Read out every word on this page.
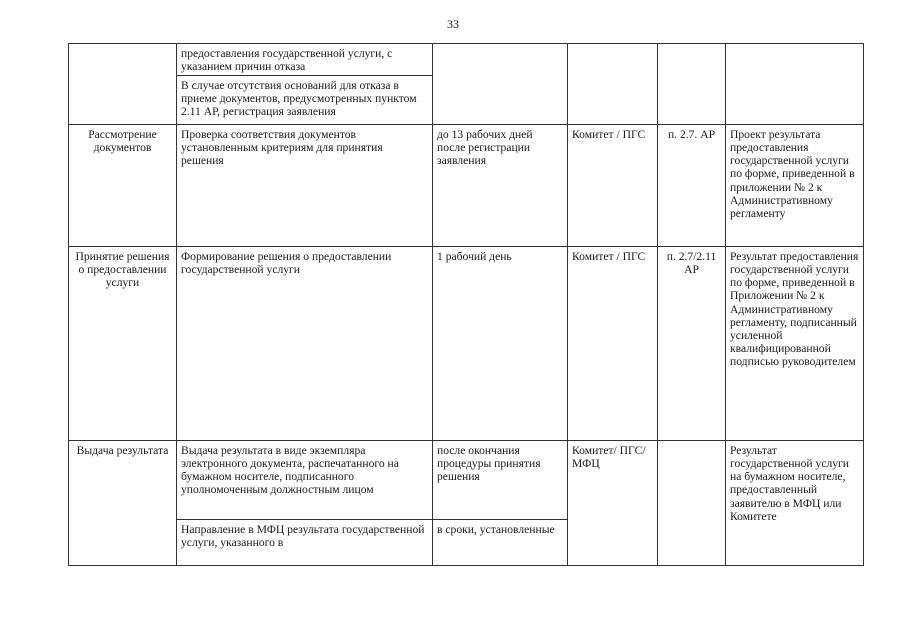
33
	предоставления государственной услуги, с указанием причин отказа				
	В случае отсутствия оснований для отказа в приеме документов, предусмотренных пунктом 2.11 АР, регистрация заявления				
Рассмотрение документов	Проверка соответствия документов установленным критериям для принятия решения	до 13 рабочих дней после регистрации заявления	Комитет / ПГС	п. 2.7. АР	Проект результата предоставления государственной услуги по форме, приведенной в приложении № 2 к Административному регламенту
Принятие решения о предоставлении услуги	Формирование решения о предоставлении государственной услуги	1 рабочий день	Комитет / ПГС	п. 2.7/2.11 АР	Результат предоставления государственной услуги по форме, приведенной в Приложении № 2 к Административному регламенту, подписанный усиленной квалифицированной подписью руководителем
Выдача результата	Выдача результата в виде экземпляра электронного документа, распечатанного на бумажном носителе, подписанного уполномоченным должностным лицом	после окончания процедуры принятия решения	Комитет/ ПГС/ МФЦ		Результат государственной услуги на бумажном носителе, предоставленный заявителю в МФЦ или Комитете
	Направление в МФЦ результата государственной услуги, указанного в	в сроки, установленные			
